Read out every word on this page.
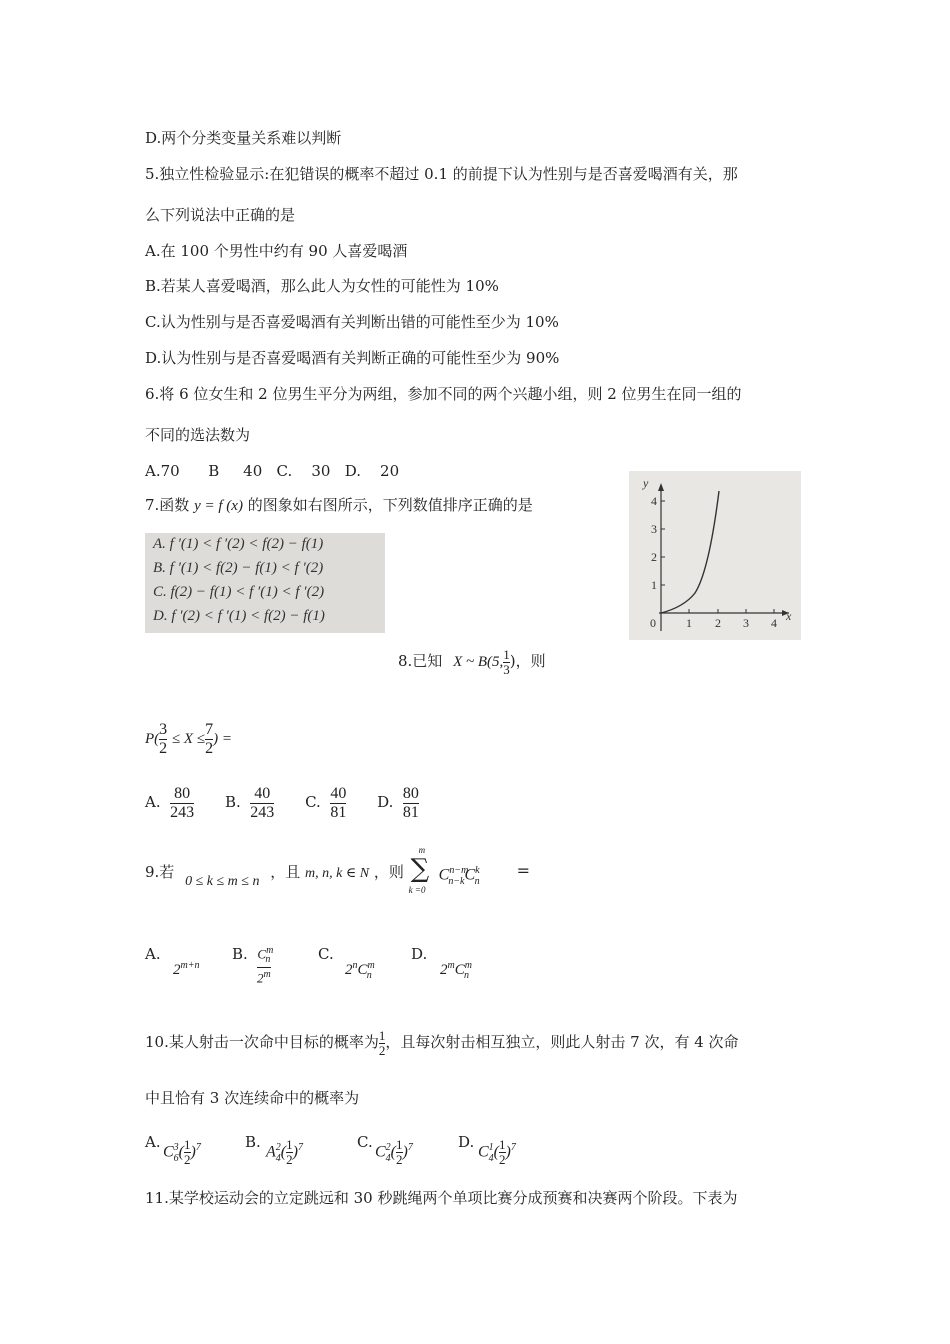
D.两个分类变量关系难以判断
5.独立性检验显示:在犯错误的概率不超过 0.1 的前提下认为性别与是否喜爱喝酒有关，那
么下列说法中正确的是
A.在 100 个男性中约有 90 人喜爱喝酒
B.若某人喜爱喝酒，那么此人为女性的可能性为 10%
C.认为性别与是否喜爱喝酒有关判断出错的可能性至少为 10%
D.认为性别与是否喜爱喝酒有关判断正确的可能性至少为 90%
6.将 6 位女生和 2 位男生平分为两组，参加不同的两个兴趣小组，则 2 位男生在同一组的
不同的选法数为
A.70      B     40   C.    30   D.    20
7.函数 y = f (x) 的图象如右图所示，下列数值排序正确的是
A. f ′(1) < f ′(2) < f(2) − f(1)
B. f ′(1) < f(2) − f(1) < f ′(2)
C. f(2) − f(1) < f ′(1) < f ′(2)
D. f ′(2) < f ′(1) < f(2) − f(1)
y
x
0
1
2
3
4
1 2 3 4
8.已知 X ~ B(5, $\frac{1}{3}$ )，则
$P( \frac{3}{2} \le X \le \frac{7}{2}$ ) =
A. $\frac{80}{243} B$. $\frac{40}{243} C$. $\frac{40}{81} D$. $\frac{80}{81}$
9.若 0 ≤ k ≤ m ≤ n ，且 m, n, k ∈ N ，则
m
∑
k =0
$C^{n-m}_{n-k}C^k_n$
=
A.
$2^{m+n}$
B. $C^m_n$
2$^m$
C.
$2^nC^m_n$
D.
$2^mC^m_n$
10.某人射击一次命中目标的概率为 $\frac{1}{2}$ ，且每次射击相互独立，则此人射击 7 次，有 4 次命
中且恰有 3 次连续命中的概率为
A.
$C^3_6( \frac{1}{2} )^7$	B.
$A^2_4( \frac{1}{2} )^7$	C.
$C^2_4( \frac{1}{2} )^7$	D.
$C^1_4( \frac{1}{2} )^7$
11.某学校运动会的立定跳远和 30 秒跳绳两个单项比赛分成预赛和决赛两个阶段。下表为
